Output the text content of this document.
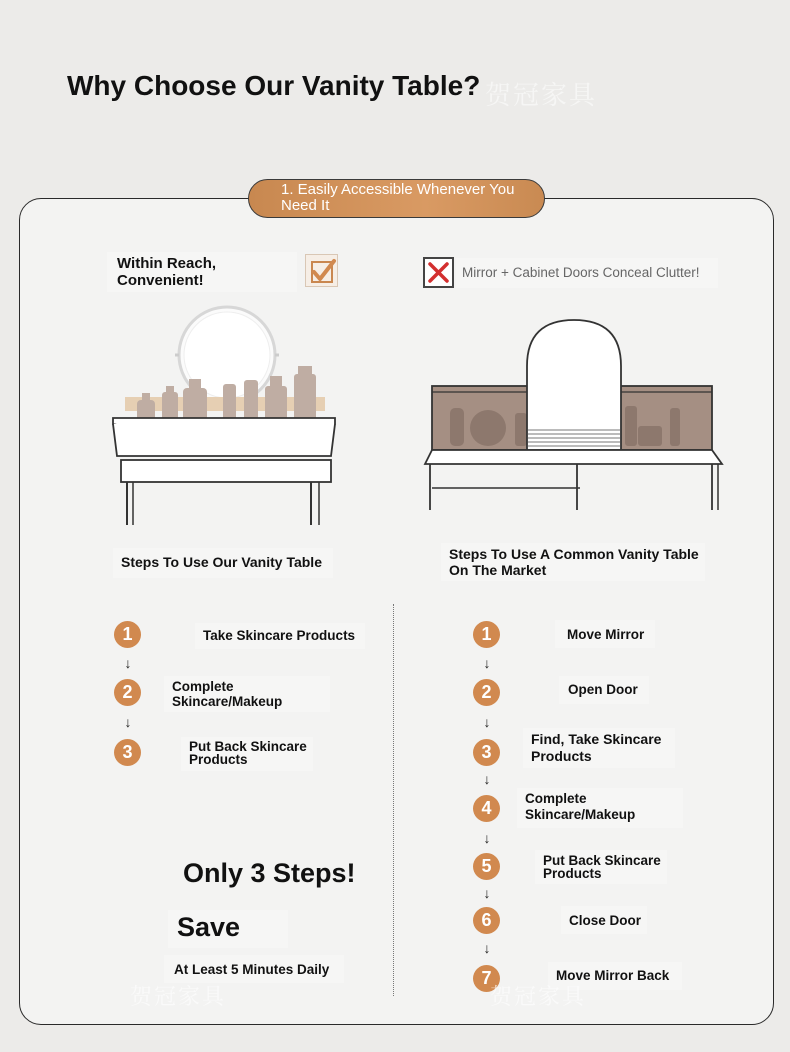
Why Choose Our Vanity Table? 贺冠家具
1. Easily Accessible Whenever You Need It
Within Reach, Convenient!	Mirror + Cabinet Doors Conceal Clutter!
Steps To Use Our Vanity Table	Steps To Use A Common Vanity Table On The Market
1	Take Skincare Products
↓
2	Complete Skincare/Makeup
↓
3	Put Back Skincare Products
Only 3 Steps!
Save
At Least 5 Minutes Daily
1	Move Mirror
↓
2	Open Door
↓
3
Find, Take Skincare Products
↓
4	Complete Skincare/Makeup
↓
5	Put Back Skincare Products
↓
6	Close Door
↓
7	Move Mirror Back
贺冠家具	贺冠家具
